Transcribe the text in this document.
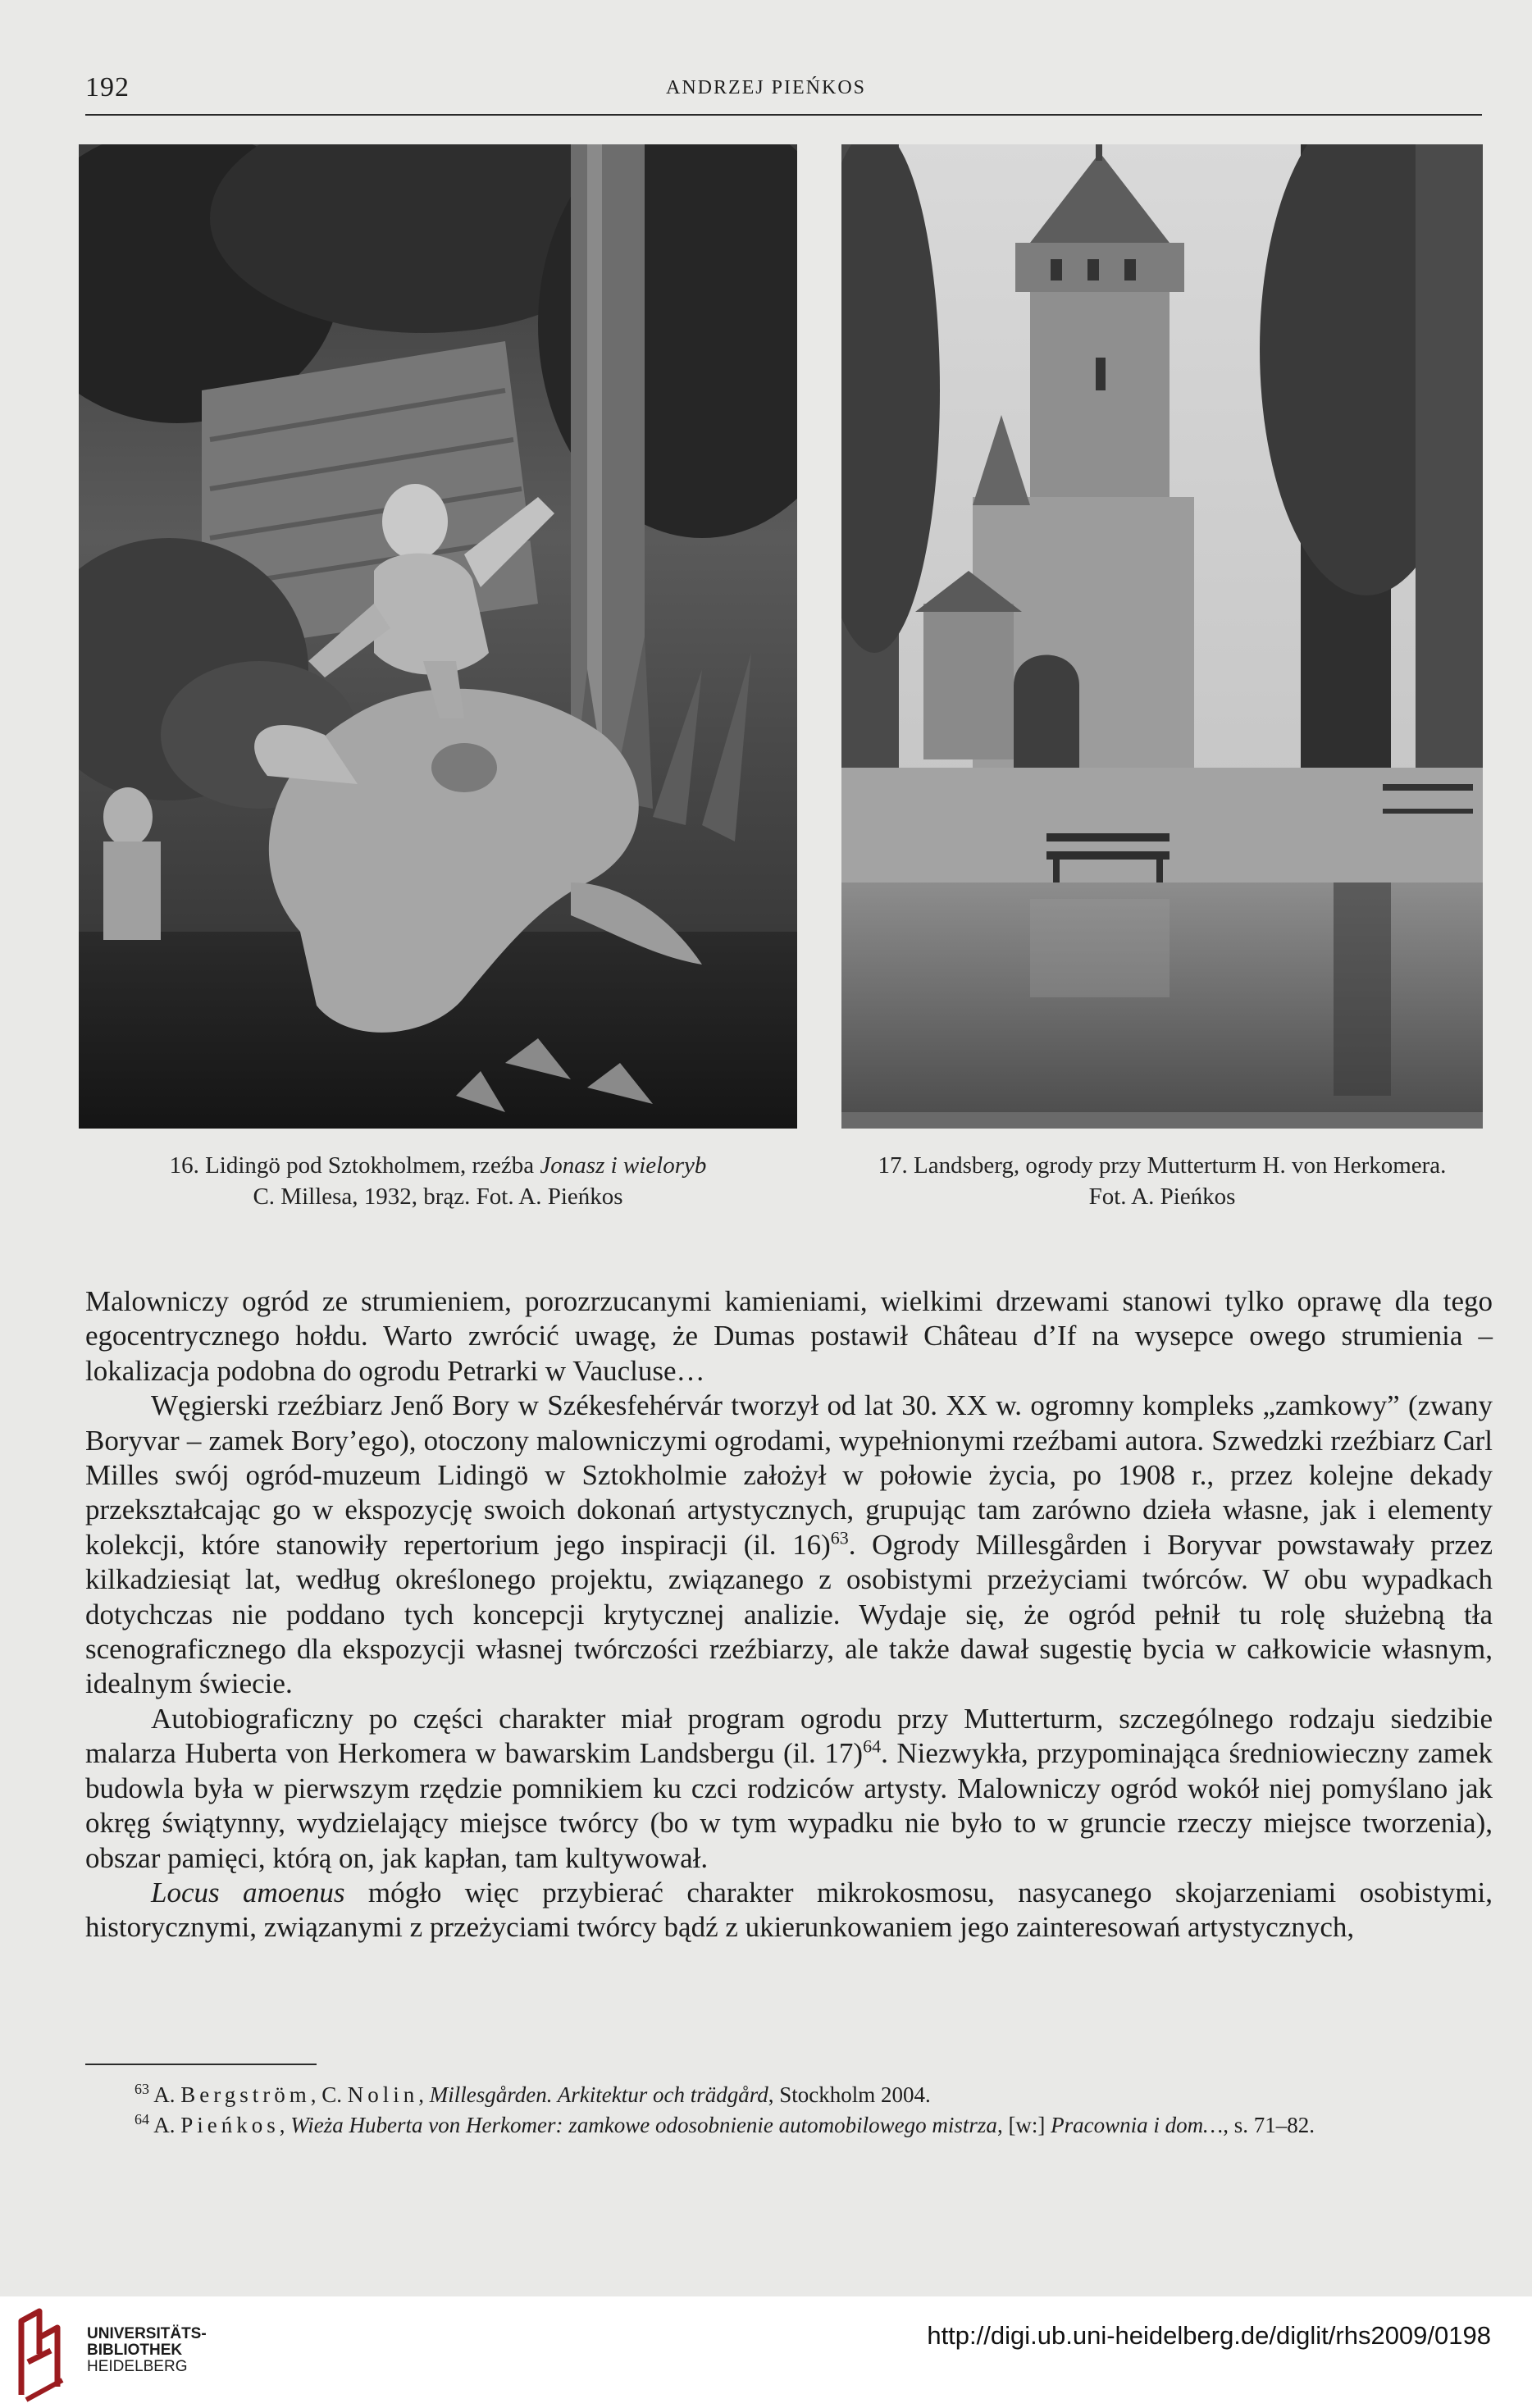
192	ANDRZEJ PIEŃKOS
16. Lidingö pod Sztokholmem, rzeźba Jonasz i wieloryb
C. Millesa, 1932, brąz. Fot. A. Pieńkos
17. Landsberg, ogrody przy Mutterturm H. von Herkomera.
Fot. A. Pieńkos

Malowniczy ogród ze strumieniem, porozrzucanymi kamieniami, wielkimi drzewami stanowi tylko oprawę dla tego egocentrycznego hołdu. Warto zwrócić uwagę, że Dumas postawił Château d’If na wysepce owego strumienia – lokalizacja podobna do ogrodu Petrarki w Vaucluse…

Węgierski rzeźbiarz Jenő Bory w Székesfehérvár tworzył od lat 30. XX w. ogromny kompleks „zamkowy” (zwany Boryvar – zamek Bory’ego), otoczony malowniczymi ogrodami, wypełnionymi rzeźbami autora. Szwedzki rzeźbiarz Carl Milles swój ogród-muzeum Lidingö w Sztokholmie założył w połowie życia, po 1908 r., przez kolejne dekady przekształcając go w ekspozycję swoich dokonań artystycznych, grupując tam zarówno dzieła własne, jak i elementy kolekcji, które stanowiły repertorium jego inspiracji (il. 16)$^{63}$. Ogrody Millesgården i Boryvar powstawały przez kilkadziesiąt lat, według określonego projektu, związanego z osobistymi przeżyciami twórców. W obu wypadkach dotychczas nie poddano tych koncepcji krytycznej analizie. Wydaje się, że ogród pełnił tu rolę służebną tła scenograficznego dla ekspozycji własnej twórczości rzeźbiarzy, ale także dawał sugestię bycia w całkowicie własnym, idealnym świecie.

Autobiograficzny po części charakter miał program ogrodu przy Mutterturm, szczególnego rodzaju siedzibie malarza Huberta von Herkomera w bawarskim Landsbergu (il. 17)$^{64}$. Niezwykła, przypominająca średniowieczny zamek budowla była w pierwszym rzędzie pomnikiem ku czci rodziców artysty. Malowniczy ogród wokół niej pomyślano jak okręg świątynny, wydzielający miejsce twórcy (bo w tym wypadku nie było to w gruncie rzeczy miejsce tworzenia), obszar pamięci, którą on, jak kapłan, tam kultywował.

Locus amoenus mógło więc przybierać charakter mikrokosmosu, nasycanego skojarzeniami osobistymi, historycznymi, związanymi z przeżyciami twórcy bądź z ukierunkowaniem jego zainteresowań artystycznych,

$^{63}$ A. Bergström, C. Nolin, Millesgården. Arkitektur och trädgård, Stockholm 2004.

$^{64}$ A. Pieńkos, Wieża Huberta von Herkomer: zamkowe odosobnienie automobilowego mistrza, [w:] Pracownia i dom…, s. 71–82.

UNIVERSITÄTS-
BIBLIOTHEK
HEIDELBERG
http://digi.ub.uni-heidelberg.de/diglit/rhs2009/0198
